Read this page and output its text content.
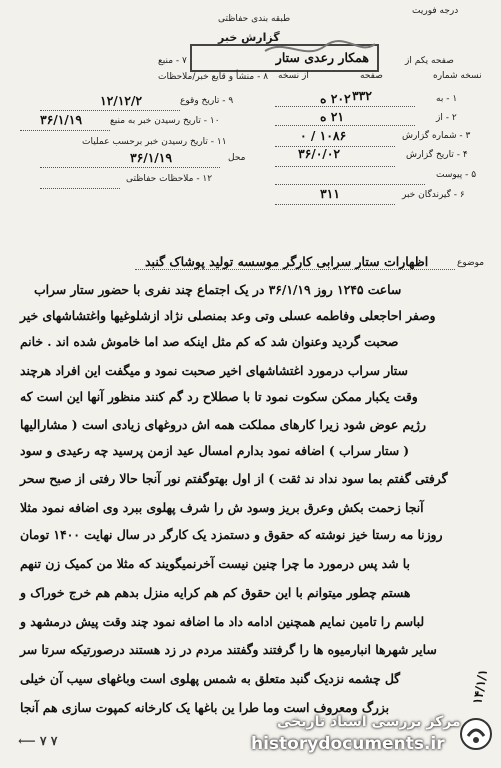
درجه فوریت
طبقه بندی حفاظتی
گزارش خبر
همکار رعدی ستار	صفحه یکم از
نسخه شماره
صفحه
از نسخه
۷ - منبع
۸ - منشأ و قایع خبر/ملاحظات
۱ - به
۲۰۲ ه ۳۳۲
۲ - از
۲۱ ه
۳ - شماره گزارش
۱۰۸۶ / ۰
۴ - تاریخ گزارش
۳۶/۰/۰۲
۵ - پیوست
۶ - گیرندگان خبر
۳۱۱
۹ - تاریخ وقوع
۱۲/۱۲/۲
۱۰ - تاریخ رسیدن خبر به منبع
۳۶/۱/۱۹
۱۱ - تاریخ رسیدن خبر برحسب عملیات
محل
۳۶/۱/۱۹
۱۲ - ملاحظات حفاظتی
موضوع
اظهارات ستار سرابی کارگر موسسه تولید پوشاک گنبد
ساعت ۱۲۴۵ روز ۳۶/۱/۱۹ در یک اجتماع چند نفری با حضور ستار سراب
وصفر احاجعلی وفاطمه عسلی وتی وعد بمنصلی نژاد ازشلوغیها واغتشاشهای خیر
صحبت گردید وعنوان شد که کم مثل اینکه صد اما خاموش شده اند . خانم
ستار سراب درمورد اغتشاشهای اخیر صحبت نمود و میگفت این افراد هرچند
وقت یکبار ممکن سکوت نمود تا با صطلاح رد گم کنند منظور آنها این است که
رژیم عوض شود زیرا کارهای مملکت همه اش دروغهای زیادی است ( مشارالیها
( ستار سراب ) اضافه نمود بدارم امسال عید ازمن پرسید چه رعیدی و سود
گرفتی گفتم بما سود نداد ند ثقت ) از اول بهتوگفتم نور آنجا حالا رفتی از صبح سحر
آنجا زحمت بکش وعرق بریز وسود ش را شرف پهلوی ببرد وی اضافه نمود مثلا
روزنا مه رستا خیز نوشته که حقوق و دستمزد یک کارگر در سال نهایت ۱۴۰۰ تومان
با شد پس درمورد ما چرا چنین نیست آخرنمیگویند که مثلا من کمیک زن تنهم
هستم چطور میتوانم با این حقوق کم هم کرایه منزل بدهم هم خرج خوراک و
لباسم را تامین نمایم همچنین ادامه داد ما اضافه نمود چند وقت پیش درمشهد و
سایر شهرها انبارمیوه ها را گرفتند وگفتند مردم در زد هستند درصورتیکه سرتا سر
گل چشمه نزدیک گنبد متعلق به شمس پهلوی است وباغهای سیب آن خیلی
بزرگ ومعروف است وما طرا ین باغها یک کارخانه کمپوت سازی هم آنجا
⟵ ۷ ۷
۱۴/۱/۱
مرکز بررسی اسناد تاریخی
historydocuments.ir
